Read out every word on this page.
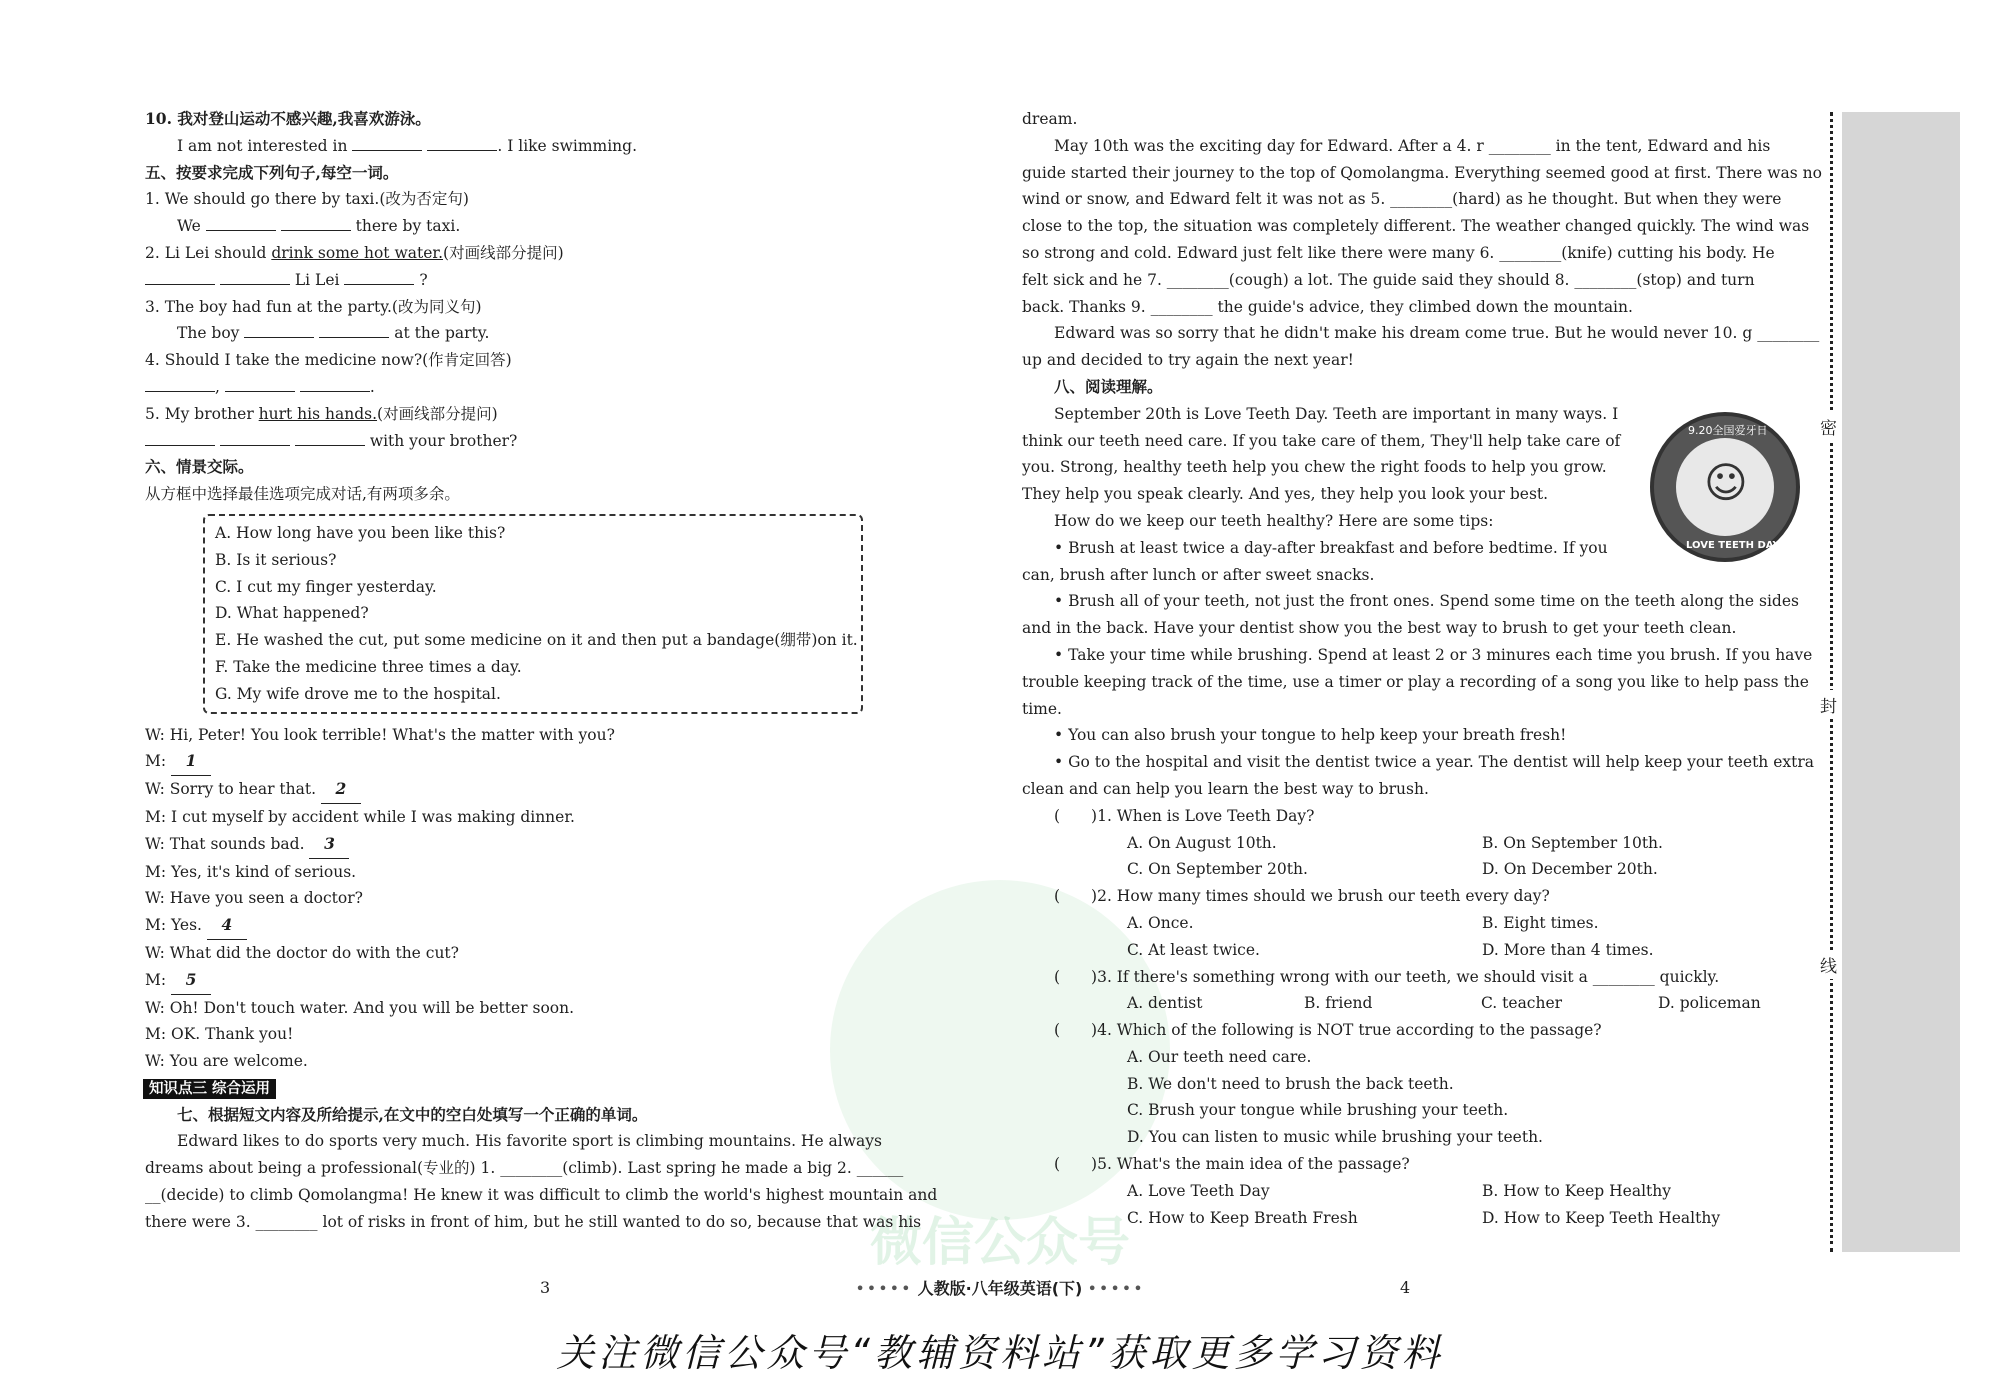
微信公众号
密
封
线
10. 我对登山运动不感兴趣,我喜欢游泳。
I am not interested in	. I like swimming.
五、按要求完成下列句子,每空一词。
1. We should go there by taxi.(改为否定句)
We	there by taxi.
2. Li Lei should drink some hot water.(对画线部分提问)
Li Lei	?
3. The boy had fun at the party.(改为同义句)
The boy	at the party.
4. Should I take the medicine now?(作肯定回答)
,	.
5. My brother hurt his hands.(对画线部分提问)
with your brother?
六、情景交际。
从方框中选择最佳选项完成对话,有两项多余。
A. How long have you been like this?
B. Is it serious?
C. I cut my finger yesterday.
D. What happened?
E. He washed the cut, put some medicine on it and then put a bandage(绷带)on it.
F. Take the medicine three times a day.
G. My wife drove me to the hospital.
W: Hi, Peter! You look terrible! What's the matter with you?
M: 1
W: Sorry to hear that. 2
M: I cut myself by accident while I was making dinner.
W: That sounds bad. 3
M: Yes, it's kind of serious.
W: Have you seen a doctor?
M: Yes. 4
W: What did the doctor do with the cut?
M: 5
W: Oh! Don't touch water. And you will be better soon.
M: OK. Thank you!
W: You are welcome.
知识点三 综合运用
七、根据短文内容及所给提示,在文中的空白处填写一个正确的单词。
Edward likes to do sports very much. His favorite sport is climbing mountains. He always
dreams about being a professional(专业的) 1. ________(climb). Last spring he made a big 2. ______
__(decide) to climb Qomolangma! He knew it was difficult to climb the world's highest mountain and
there were 3. ________ lot of risks in front of him, but he still wanted to do so, because that was his
dream.
May 10th was the exciting day for Edward. After a 4. r ________ in the tent, Edward and his
guide started their journey to the top of Qomolangma. Everything seemed good at first. There was no
wind or snow, and Edward felt it was not as 5. ________(hard) as he thought. But when they were
close to the top, the situation was completely different. The weather changed quickly. The wind was
so strong and cold. Edward just felt like there were many 6. ________(knife) cutting his body. He
felt sick and he 7. ________(cough) a lot. The guide said they should 8. ________(stop) and turn
back. Thanks 9. ________ the guide's advice, they climbed down the mountain.
Edward was so sorry that he didn't make his dream come true. But he would never 10. g ________
up and decided to try again the next year!
八、阅读理解。
September 20th is Love Teeth Day. Teeth are important in many ways. I
think our teeth need care. If you take care of them, They'll help take care of
you. Strong, healthy teeth help you chew the right foods to help you grow.
They help you speak clearly. And yes, they help you look your best.
How do we keep our teeth healthy? Here are some tips:
• Brush at least twice a day-after breakfast and before bedtime. If you
can, brush after lunch or after sweet snacks.
• Brush all of your teeth, not just the front ones. Spend some time on the teeth along the sides
and in the back. Have your dentist show you the best way to brush to get your teeth clean.
• Take your time while brushing. Spend at least 2 or 3 minures each time you brush. If you have
trouble keeping track of the time, use a timer or play a recording of a song you like to help pass the
time.
• You can also brush your tongue to help keep your breath fresh!
• Go to the hospital and visit the dentist twice a year. The dentist will help keep your teeth extra
clean and can help you learn the best way to brush.
(　　)1. When is Love Teeth Day?
A. On August 10th.	B. On September 10th.
C. On September 20th.	D. On December 20th.
(　　)2. How many times should we brush our teeth every day?
A. Once.	B. Eight times.
C. At least twice.	D. More than 4 times.
(　　)3. If there's something wrong with our teeth, we should visit a ________ quickly.
A. dentist	B. friend	C. teacher	D. policeman
(　　)4. Which of the following is NOT true according to the passage?
A. Our teeth need care.
B. We don't need to brush the back teeth.
C. Brush your tongue while brushing your teeth.
D. You can listen to music while brushing your teeth.
(　　)5. What's the main idea of the passage?
A. Love Teeth Day	B. How to Keep Healthy
C. How to Keep Breath Fresh	D. How to Keep Teeth Healthy
9.20全国爱牙日
☺
LOVE TEETH DAY
3	4
••••• 人教版·八年级英语(下) •••••
关注微信公众号“教辅资料站”获取更多学习资料
